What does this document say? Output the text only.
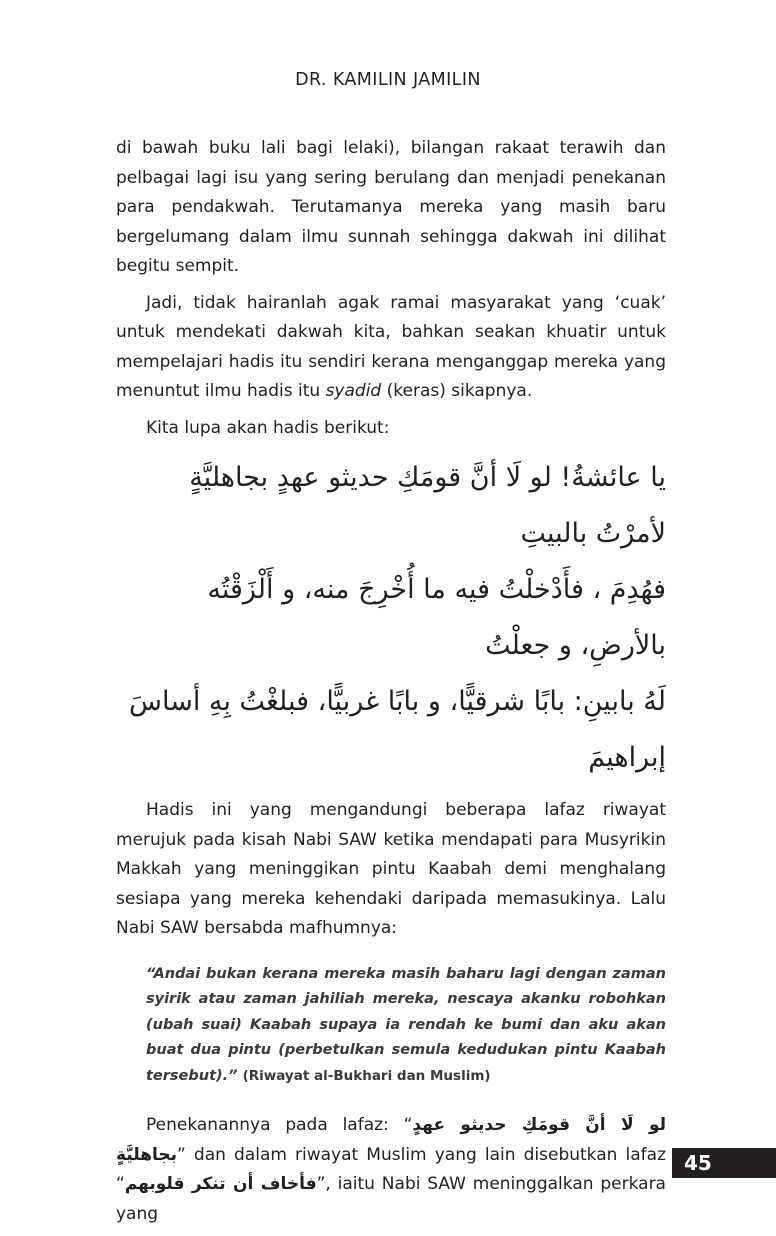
DR. KAMILIN JAMILIN

di bawah buku lali bagi lelaki), bilangan rakaat terawih dan pelbagai lagi isu yang sering berulang dan menjadi penekanan para pendakwah. Terutamanya mereka yang masih baru bergelumang dalam ilmu sunnah sehingga dakwah ini dilihat begitu sempit.

Jadi, tidak hairanlah agak ramai masyarakat yang ‘cuak’ untuk mendekati dakwah kita, bahkan seakan khuatir untuk mempelajari hadis itu sendiri kerana menganggap mereka yang menuntut ilmu hadis itu syadid (keras) sikapnya.

Kita lupa akan hadis berikut:

يا عائشةُ! لو لَا أنَّ قومَكِ حديثو عهدٍ بجاهليَّةٍ لأمرْتُ بالبيتِ
فهُدِمَ ، فأَدْخلْتُ فيه ما أُخْرِجَ منه، و أَلْزَقْتُه بالأرضِ، و جعلْتُ
لَهُ بابينِ: بابًا شرقيًّا، و بابًا غربيًّا، فبلغْتُ بِهِ أساسَ إبراهيمَ

Hadis ini yang mengandungi beberapa lafaz riwayat merujuk pada kisah Nabi SAW ketika mendapati para Musyrikin Makkah yang meninggikan pintu Kaabah demi menghalang sesiapa yang mereka kehendaki daripada memasukinya. Lalu Nabi SAW bersabda mafhumnya:

“Andai bukan kerana mereka masih baharu lagi dengan zaman syirik atau zaman jahiliah mereka, nescaya akanku robohkan (ubah suai) Kaabah supaya ia rendah ke bumi dan aku akan buat dua pintu (perbetulkan semula kedudukan pintu Kaabah tersebut).” (Riwayat al-Bukhari dan Muslim)

Penekanannya pada lafaz: “لو لَا أنَّ قومَكِ حديثو عهدٍ بجاهليَّةٍ” dan dalam riwayat Muslim yang lain disebutkan lafaz “فأخاف أن تنكر قلوبهم”, iaitu Nabi SAW meninggalkan perkara yang

45
